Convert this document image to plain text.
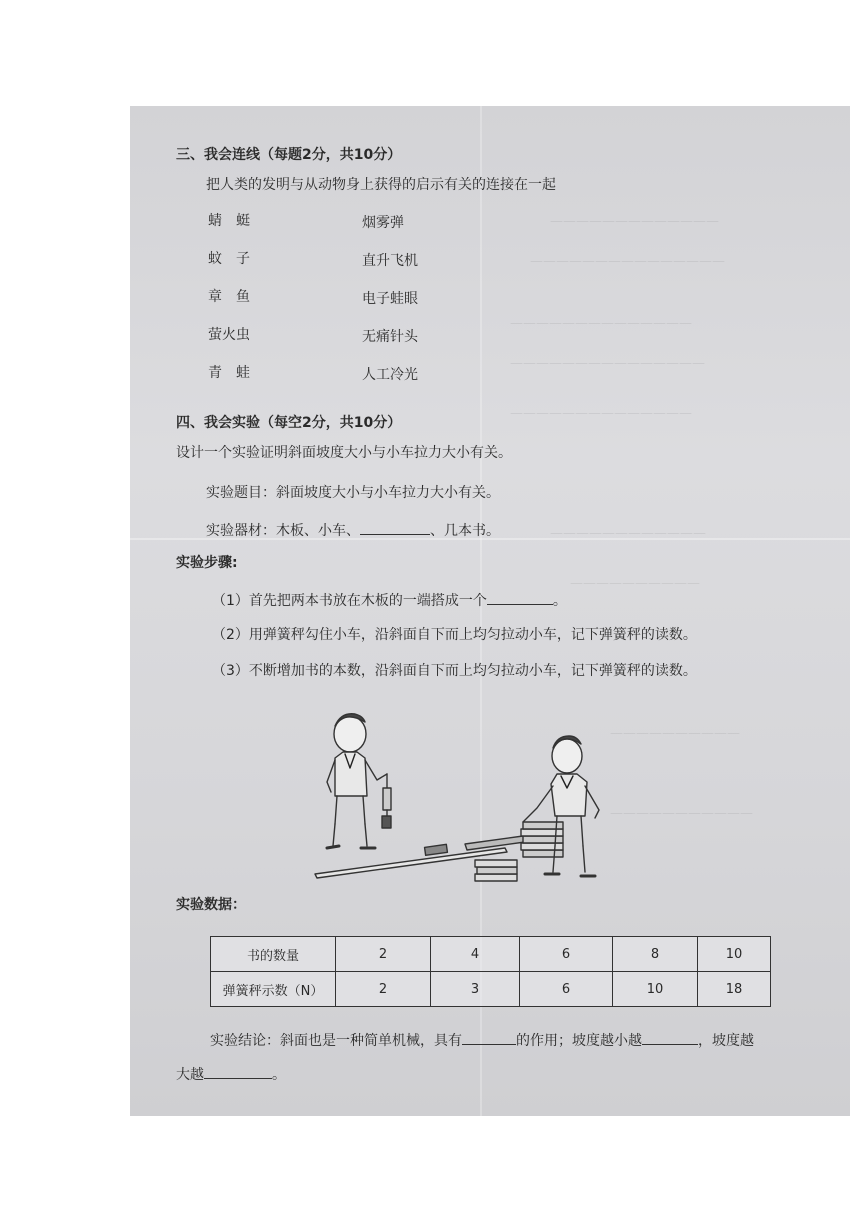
—————————————
———————————————
——————————————
———————————————
——————————————
————————————
——————————
——————————
———————————
三、我会连线（每题2分，共10分）
把人类的发明与从动物身上获得的启示有关的连接在一起
蜻　蜓
蚊　子
章　鱼
萤火虫
青　蛙
烟雾弹
直升飞机
电子蛙眼
无痛针头
人工冷光
四、我会实验（每空2分，共10分）
设计一个实验证明斜面坡度大小与小车拉力大小有关。
实验题目：斜面坡度大小与小车拉力大小有关。
实验器材：木板、小车、	、几本书。
实验步骤:
（1）首先把两本书放在木板的一端搭成一个	。
（2）用弹簧秤勾住小车，沿斜面自下而上均匀拉动小车，记下弹簧秤的读数。
（3）不断增加书的本数，沿斜面自下而上均匀拉动小车，记下弹簧秤的读数。
实验数据：
书的数量	2	4	6	8	10
弹簧秤示数（N）	2	3	6	10	18
实验结论：斜面也是一种简单机械，具有	的作用；坡度越小越	，坡度越
大越	。
